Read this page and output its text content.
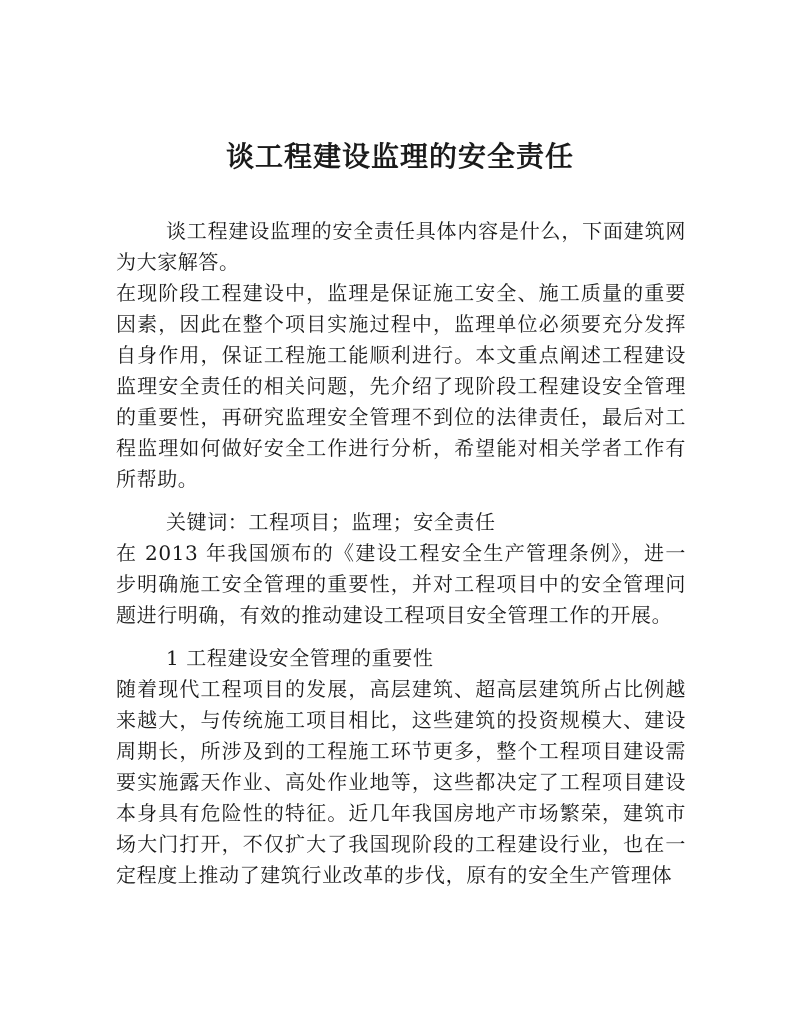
谈工程建设监理的安全责任

谈工程建设监理的安全责任具体内容是什么，下面建筑网为大家解答。

在现阶段工程建设中，监理是保证施工安全、施工质量的重要因素，因此在整个项目实施过程中，监理单位必须要充分发挥自身作用，保证工程施工能顺利进行。本文重点阐述工程建设监理安全责任的相关问题，先介绍了现阶段工程建设安全管理的重要性，再研究监理安全管理不到位的法律责任，最后对工程监理如何做好安全工作进行分析，希望能对相关学者工作有所帮助。

关键词：工程项目；监理；安全责任

在 2013 年我国颁布的《建设工程安全生产管理条例》，进一步明确施工安全管理的重要性，并对工程项目中的安全管理问题进行明确，有效的推动建设工程项目安全管理工作的开展。

1 工程建设安全管理的重要性

随着现代工程项目的发展，高层建筑、超高层建筑所占比例越来越大，与传统施工项目相比，这些建筑的投资规模大、建设周期长，所涉及到的工程施工环节更多，整个工程项目建设需要实施露天作业、高处作业地等，这些都决定了工程项目建设本身具有危险性的特征。近几年我国房地产市场繁荣，建筑市场大门打开，不仅扩大了我国现阶段的工程建设行业，也在一定程度上推动了建筑行业改革的步伐，原有的安全生产管理体
